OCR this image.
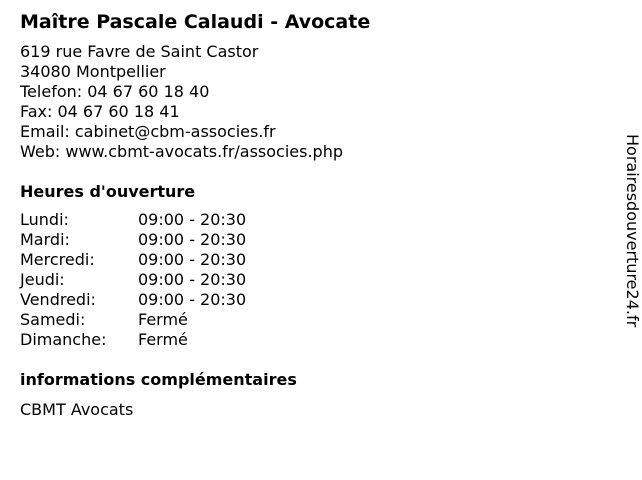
Maître Pascale Calaudi - Avocate
619 rue Favre de Saint Castor
34080 Montpellier
Telefon: 04 67 60 18 40
Fax: 04 67 60 18 41
Email: cabinet@cbm-associes.fr
Web: www.cbmt-avocats.fr/associes.php
Heures d'ouverture
Lundi:	09:00 - 20:30
Mardi:	09:00 - 20:30
Mercredi:	09:00 - 20:30
Jeudi:	09:00 - 20:30
Vendredi:	09:00 - 20:30
Samedi:	Fermé
Dimanche:	Fermé
informations complémentaires
CBMT Avocats
Horairesdouverture24.fr
